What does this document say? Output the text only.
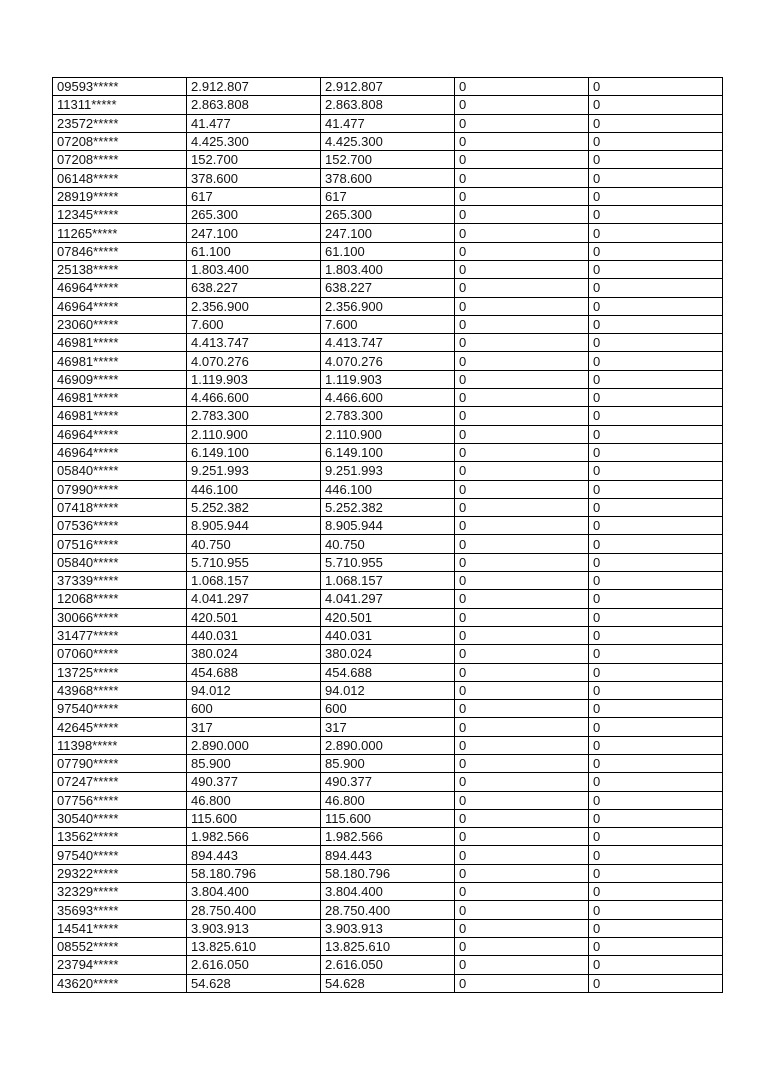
09593*****	2.912.807	2.912.807	0	0
11311*****	2.863.808	2.863.808	0	0
23572*****	41.477	41.477	0	0
07208*****	4.425.300	4.425.300	0	0
07208*****	152.700	152.700	0	0
06148*****	378.600	378.600	0	0
28919*****	617	617	0	0
12345*****	265.300	265.300	0	0
11265*****	247.100	247.100	0	0
07846*****	61.100	61.100	0	0
25138*****	1.803.400	1.803.400	0	0
46964*****	638.227	638.227	0	0
46964*****	2.356.900	2.356.900	0	0
23060*****	7.600	7.600	0	0
46981*****	4.413.747	4.413.747	0	0
46981*****	4.070.276	4.070.276	0	0
46909*****	1.119.903	1.119.903	0	0
46981*****	4.466.600	4.466.600	0	0
46981*****	2.783.300	2.783.300	0	0
46964*****	2.110.900	2.110.900	0	0
46964*****	6.149.100	6.149.100	0	0
05840*****	9.251.993	9.251.993	0	0
07990*****	446.100	446.100	0	0
07418*****	5.252.382	5.252.382	0	0
07536*****	8.905.944	8.905.944	0	0
07516*****	40.750	40.750	0	0
05840*****	5.710.955	5.710.955	0	0
37339*****	1.068.157	1.068.157	0	0
12068*****	4.041.297	4.041.297	0	0
30066*****	420.501	420.501	0	0
31477*****	440.031	440.031	0	0
07060*****	380.024	380.024	0	0
13725*****	454.688	454.688	0	0
43968*****	94.012	94.012	0	0
97540*****	600	600	0	0
42645*****	317	317	0	0
11398*****	2.890.000	2.890.000	0	0
07790*****	85.900	85.900	0	0
07247*****	490.377	490.377	0	0
07756*****	46.800	46.800	0	0
30540*****	115.600	115.600	0	0
13562*****	1.982.566	1.982.566	0	0
97540*****	894.443	894.443	0	0
29322*****	58.180.796	58.180.796	0	0
32329*****	3.804.400	3.804.400	0	0
35693*****	28.750.400	28.750.400	0	0
14541*****	3.903.913	3.903.913	0	0
08552*****	13.825.610	13.825.610	0	0
23794*****	2.616.050	2.616.050	0	0
43620*****	54.628	54.628	0	0
